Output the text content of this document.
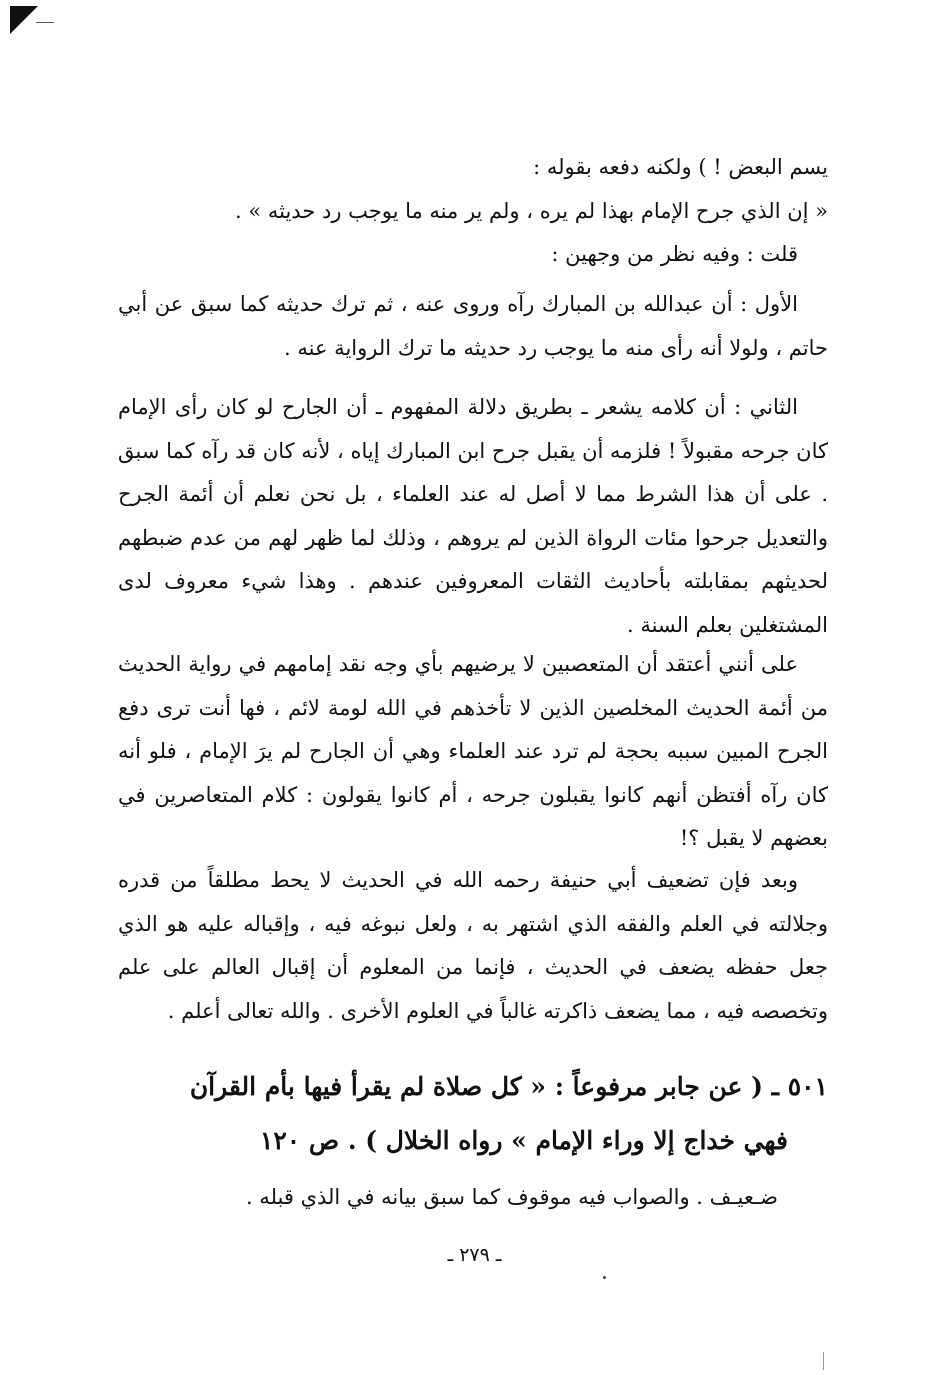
يسم البعض ! ) ولكنه دفعه بقوله :

« إن الذي جرح الإمام بهذا لم يره ، ولم ير منه ما يوجب رد حديثه » .

قلت : وفيه نظر من وجهين :

الأول : أن عبدالله بن المبارك رآه وروى عنه ، ثم ترك حديثه كما سبق عن أبي حاتم ، ولولا أنه رأى منه ما يوجب رد حديثه ما ترك الرواية عنه .

الثاني : أن كلامه يشعر ـ بطريق دلالة المفهوم ـ أن الجارح لو كان رأى الإمام كان جرحه مقبولاً ! فلزمه أن يقبل جرح ابن المبارك إياه ، لأنه كان قد رآه كما سبق . على أن هذا الشرط مما لا أصل له عند العلماء ، بل نحن نعلم أن أئمة الجرح والتعديل جرحوا مئات الرواة الذين لم يروهم ، وذلك لما ظهر لهم من عدم ضبطهم لحديثهم بمقابلته بأحاديث الثقات المعروفين عندهم . وهذا شيء معروف لدى المشتغلين بعلم السنة .

على أنني أعتقد أن المتعصبين لا يرضيهم بأي وجه نقد إمامهم في رواية الحديث من أئمة الحديث المخلصين الذين لا تأخذهم في الله لومة لائم ، فها أنت ترى دفع الجرح المبين سببه بحجة لم ترد عند العلماء وهي أن الجارح لم يرَ الإمام ، فلو أنه كان رآه أفتظن أنهم كانوا يقبلون جرحه ، أم كانوا يقولون : كلام المتعاصرين في بعضهم لا يقبل ؟!

وبعد فإن تضعيف أبي حنيفة رحمه الله في الحديث لا يحط مطلقاً من قدره وجلالته في العلم والفقه الذي اشتهر به ، ولعل نبوغه فيه ، وإقباله عليه هو الذي جعل حفظه يضعف في الحديث ، فإنما من المعلوم أن إقبال العالم على علم وتخصصه فيه ، مما يضعف ذاكرته غالباً في العلوم الأخرى . والله تعالى أعلم .

٥٠١ ـ ( عن جابر مرفوعاً : « كل صلاة لم يقرأ فيها بأم القرآن

فهي خداج إلا وراء الإمام » رواه الخلال ) . ص ١٢٠

ضـعيـف . والصواب فيه موقوف كما سبق بيانه في الذي قبله .

ـ ٢٧٩ ـ
